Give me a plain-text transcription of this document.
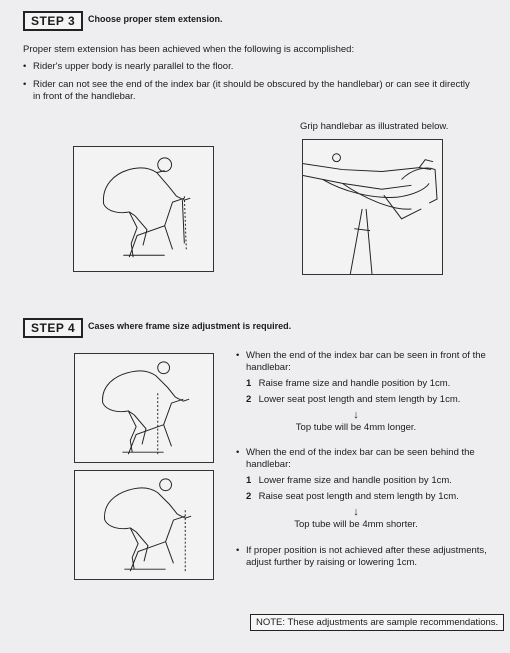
STEP 3	Choose proper stem extension.
Proper stem extension has been achieved when the following is accomplished:
• Rider's upper body is nearly parallel to the floor.
• Rider can not see the end of the index bar (it should be obscured by the handlebar) or can see it directly in front of the handlebar.
Grip handlebar as illustrated below.
STEP 4	Cases where frame size adjustment is required.
• When the end of the index bar can be seen in front of the handlebar:
1 Raise frame size and handle position by 1cm.
2 Lower seat post length and stem length by 1cm.
↓
Top tube will be 4mm longer.
• When the end of the index bar can be seen behind the handlebar:
1 Lower frame size and handle position by 1cm.
2 Raise seat post length and stem length by 1cm.
↓
Top tube will be 4mm shorter.
• If proper position is not achieved after these adjustments, adjust further by raising or lowering 1cm.
NOTE: These adjustments are sample recommendations.
